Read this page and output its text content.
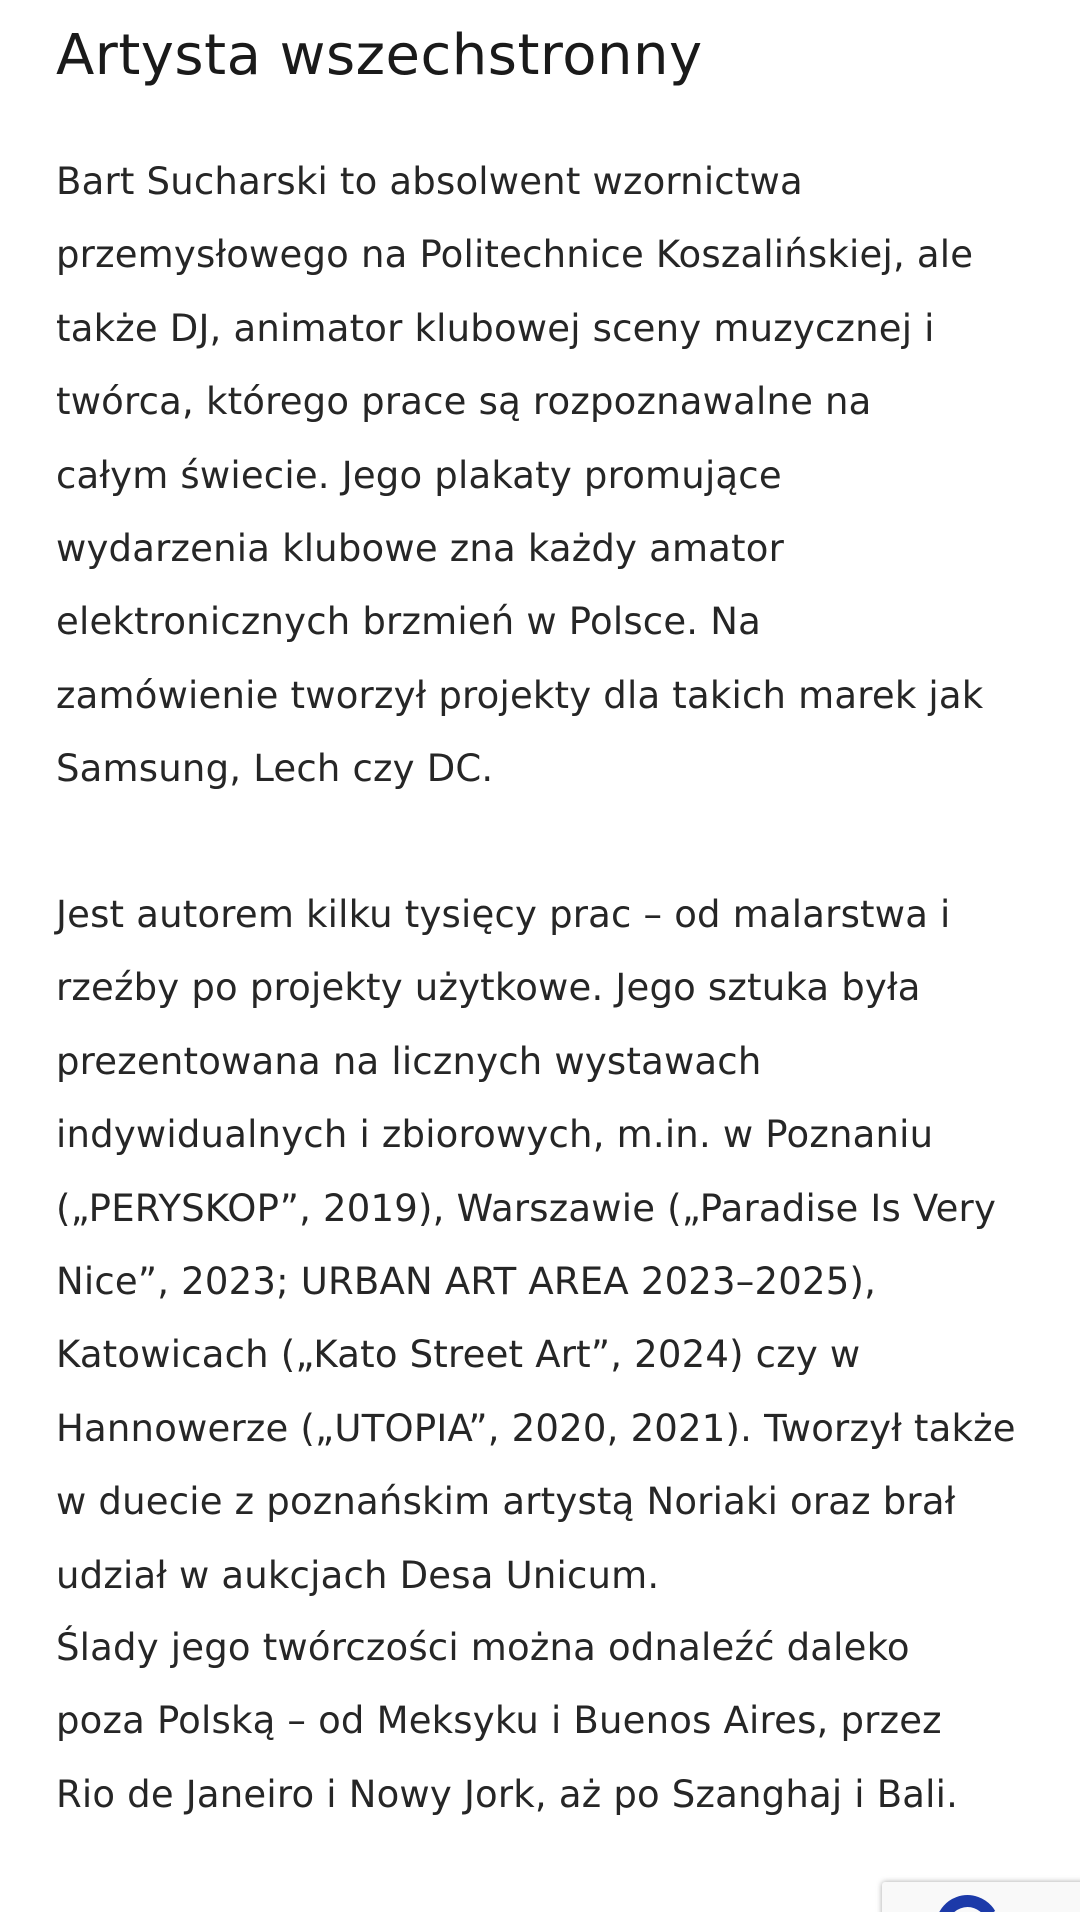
Artysta wszechstronny

Bart Sucharski to absolwent wzornictwa
przemysłowego na Politechnice Koszalińskiej, ale
także DJ, animator klubowej sceny muzycznej i
twórca, którego prace są rozpoznawalne na
całym świecie. Jego plakaty promujące
wydarzenia klubowe zna każdy amator
elektronicznych brzmień w Polsce. Na
zamówienie tworzył projekty dla takich marek jak
Samsung, Lech czy DC.

Jest autorem kilku tysięcy prac – od malarstwa i
rzeźby po projekty użytkowe. Jego sztuka była
prezentowana na licznych wystawach
indywidualnych i zbiorowych, m.in. w Poznaniu
(„PERYSKOP”, 2019), Warszawie („Paradise Is Very
Nice”, 2023; URBAN ART AREA 2023–2025),
Katowicach („Kato Street Art”, 2024) czy w
Hannowerze („UTOPIA”, 2020, 2021). Tworzył także
w duecie z poznańskim artystą Noriaki oraz brał
udział w aukcjach Desa Unicum.

Ślady jego twórczości można odnaleźć daleko
poza Polską – od Meksyku i Buenos Aires, przez
Rio de Janeiro i Nowy Jork, aż po Szanghaj i Bali.
